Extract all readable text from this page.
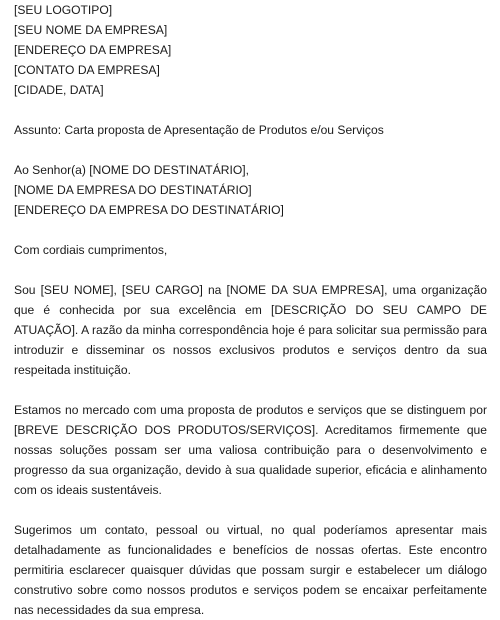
[SEU LOGOTIPO]

[SEU NOME DA EMPRESA]

[ENDEREÇO DA EMPRESA]

[CONTATO DA EMPRESA]

[CIDADE, DATA]

Assunto: Carta proposta de Apresentação de Produtos e/ou Serviços

Ao Senhor(a) [NOME DO DESTINATÁRIO],

[NOME DA EMPRESA DO DESTINATÁRIO]

[ENDEREÇO DA EMPRESA DO DESTINATÁRIO]

Com cordiais cumprimentos,

Sou [SEU NOME], [SEU CARGO] na [NOME DA SUA EMPRESA], uma organização que é conhecida por sua excelência em [DESCRIÇÃO DO SEU CAMPO DE ATUAÇÃO]. A razão da minha correspondência hoje é para solicitar sua permissão para introduzir e disseminar os nossos exclusivos produtos e serviços dentro da sua respeitada instituição.

Estamos no mercado com uma proposta de produtos e serviços que se distinguem por [BREVE DESCRIÇÃO DOS PRODUTOS/SERVIÇOS]. Acreditamos firmemente que nossas soluções possam ser uma valiosa contribuição para o desenvolvimento e progresso da sua organização, devido à sua qualidade superior, eficácia e alinhamento com os ideais sustentáveis.

Sugerimos um contato, pessoal ou virtual, no qual poderíamos apresentar mais detalhadamente as funcionalidades e benefícios de nossas ofertas. Este encontro permitiria esclarecer quaisquer dúvidas que possam surgir e estabelecer um diálogo construtivo sobre como nossos produtos e serviços podem se encaixar perfeitamente nas necessidades da sua empresa.
